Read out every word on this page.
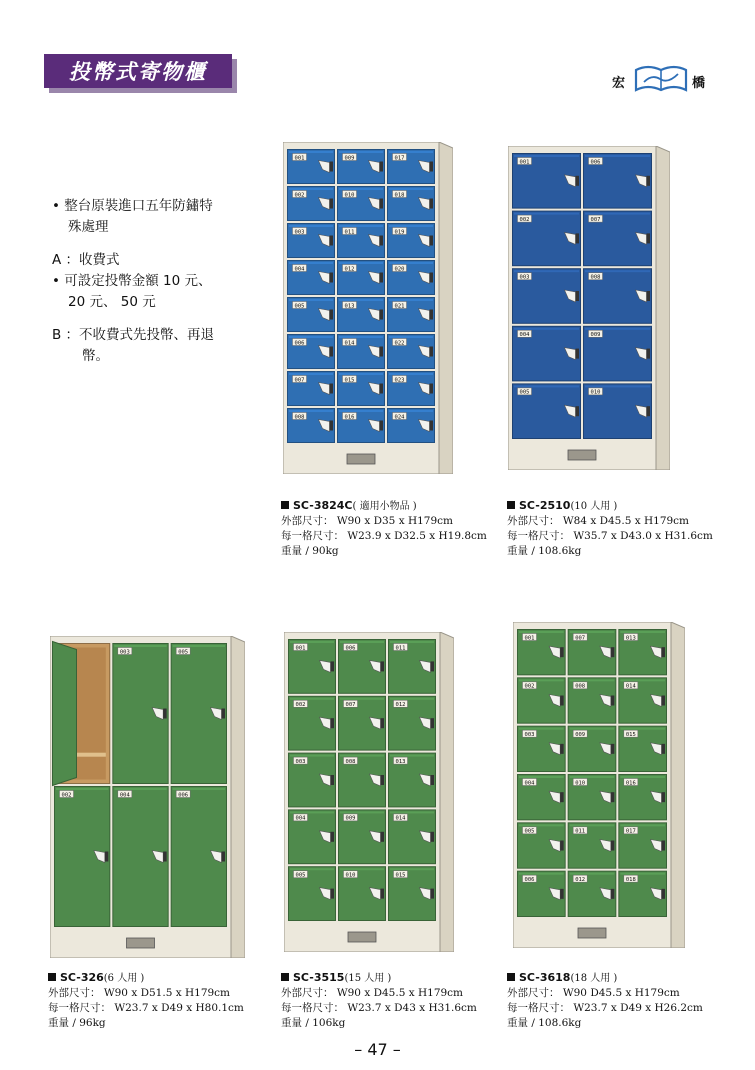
投幣式寄物櫃	宏	橋
• 整台原裝進口五年防鏽特
殊處理
A ：收費式
• 可設定投幣金額 10 元、
20 元、 50 元
B ：不收費式先投幣、再退
幣。
001	009	017
002	010	018
003	011	019
004	012	020
005	013	021
006	014	022
007	015	023
008	016	024
001	006
002	007
003	008
004	009
005	010
003	005
002	004	006
001	006	011
002	007	012
003	008	013
004	009	014
005	010	015
001	007	013
002	008	014
003	009	015
004	010	016
005	011	017
006	012	018
SC-3824C( 適用小物品 )
外部尺寸： W90 x D35 x H179cm
每一格尺寸： W23.9 x D32.5 x H19.8cm
重量 / 90kg
SC-2510(10 人用 )
外部尺寸： W84 x D45.5 x H179cm
每一格尺寸： W35.7 x D43.0 x H31.6cm
重量 / 108.6kg
SC-326(6 人用 )
外部尺寸： W90 x D51.5 x H179cm
每一格尺寸： W23.7 x D49 x H80.1cm
重量 / 96kg
SC-3515(15 人用 )
外部尺寸： W90 x D45.5 x H179cm
每一格尺寸： W23.7 x D43 x H31.6cm
重量 / 106kg
SC-3618(18 人用 )
外部尺寸： W90 D45.5 x H179cm
每一格尺寸： W23.7 x D49 x H26.2cm
重量 / 108.6kg
– 47 –
